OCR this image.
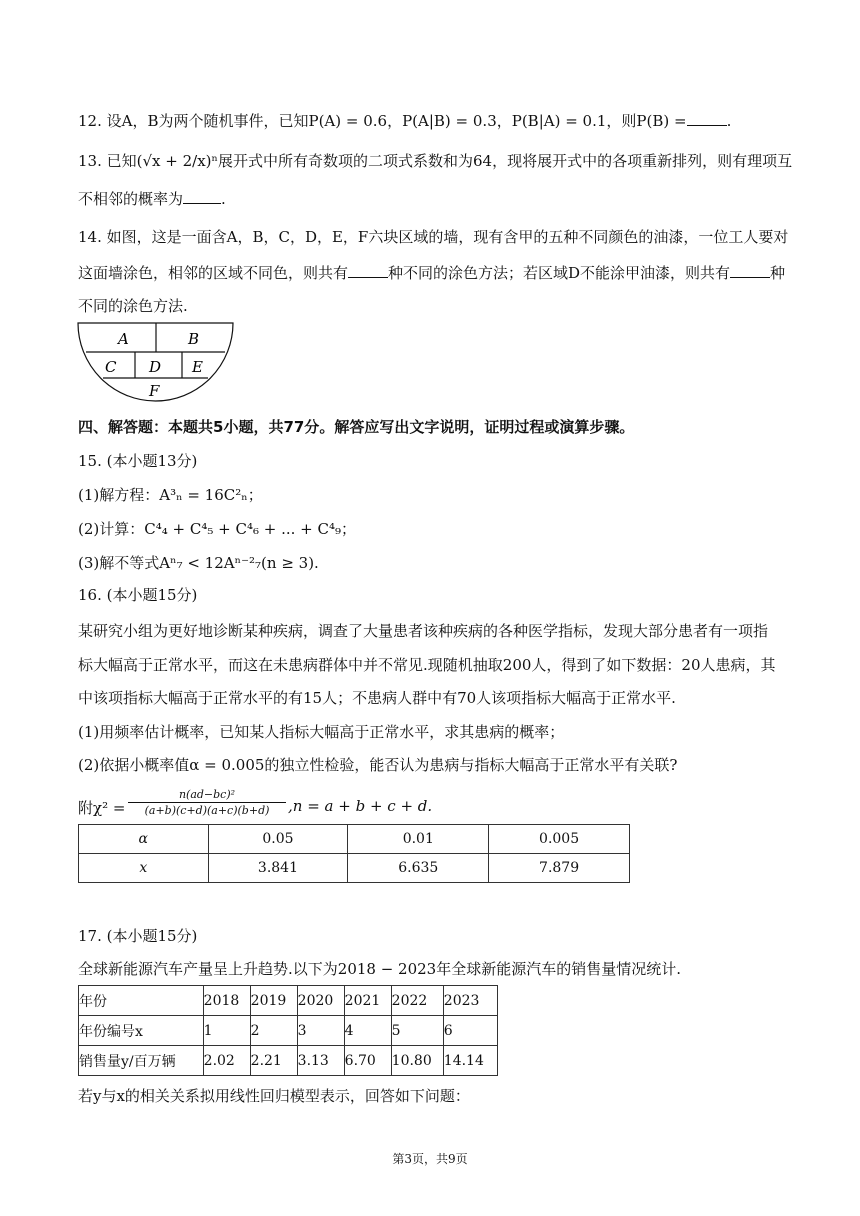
12. 设A，B为两个随机事件，已知P(A) = 0.6，P(A|B) = 0.3，P(B|A) = 0.1，则P(B) =	.
13. 已知(√x + 2/x)ⁿ展开式中所有奇数项的二项式系数和为64，现将展开式中的各项重新排列，则有理项互
不相邻的概率为	.
14. 如图，这是一面含A，B，C，D，E，F六块区域的墙，现有含甲的五种不同颜色的油漆，一位工人要对
这面墙涂色，相邻的区域不同色，则共有	种不同的涂色方法；若区域D不能涂甲油漆，则共有	种
不同的涂色方法.
A	B
C D E
F
四、解答题：本题共5小题，共77分。解答应写出文字说明，证明过程或演算步骤。
15. (本小题13分)
(1)解方程：A³ₙ = 16C²ₙ；
(2)计算：C⁴₄ + C⁴₅ + C⁴₆ + ... + C⁴₉；
(3)解不等式Aⁿ₇ < 12Aⁿ⁻²₇(n ≥ 3).
16. (本小题15分)
某研究小组为更好地诊断某种疾病，调查了大量患者该种疾病的各种医学指标，发现大部分患者有一项指
标大幅高于正常水平，而这在未患病群体中并不常见.现随机抽取200人，得到了如下数据：20人患病，其
中该项指标大幅高于正常水平的有15人；不患病人群中有70人该项指标大幅高于正常水平.
(1)用频率估计概率，已知某人指标大幅高于正常水平，求其患病的概率；
(2)依据小概率值α = 0.005的独立性检验，能否认为患病与指标大幅高于正常水平有关联?
附$\chi^2 = \frac{\text{n(ad−bc)²}}{(a+b)(c+d)(a+c)(b+d)} ,n = a + b + c + d$.
α	0.05	0.01	0.005
x	3.841	6.635	7.879
17. (本小题15分)
全球新能源汽车产量呈上升趋势.以下为2018 − 2023年全球新能源汽车的销售量情况统计.
年份	2018	2019	2020	2021	2022	2023
年份编号x	1	2	3	4	5	6
销售量y/百万辆	2.02	2.21	3.13	6.70	10.80	14.14
若y与x的相关关系拟用线性回归模型表示，回答如下问题：
第3页，共9页
